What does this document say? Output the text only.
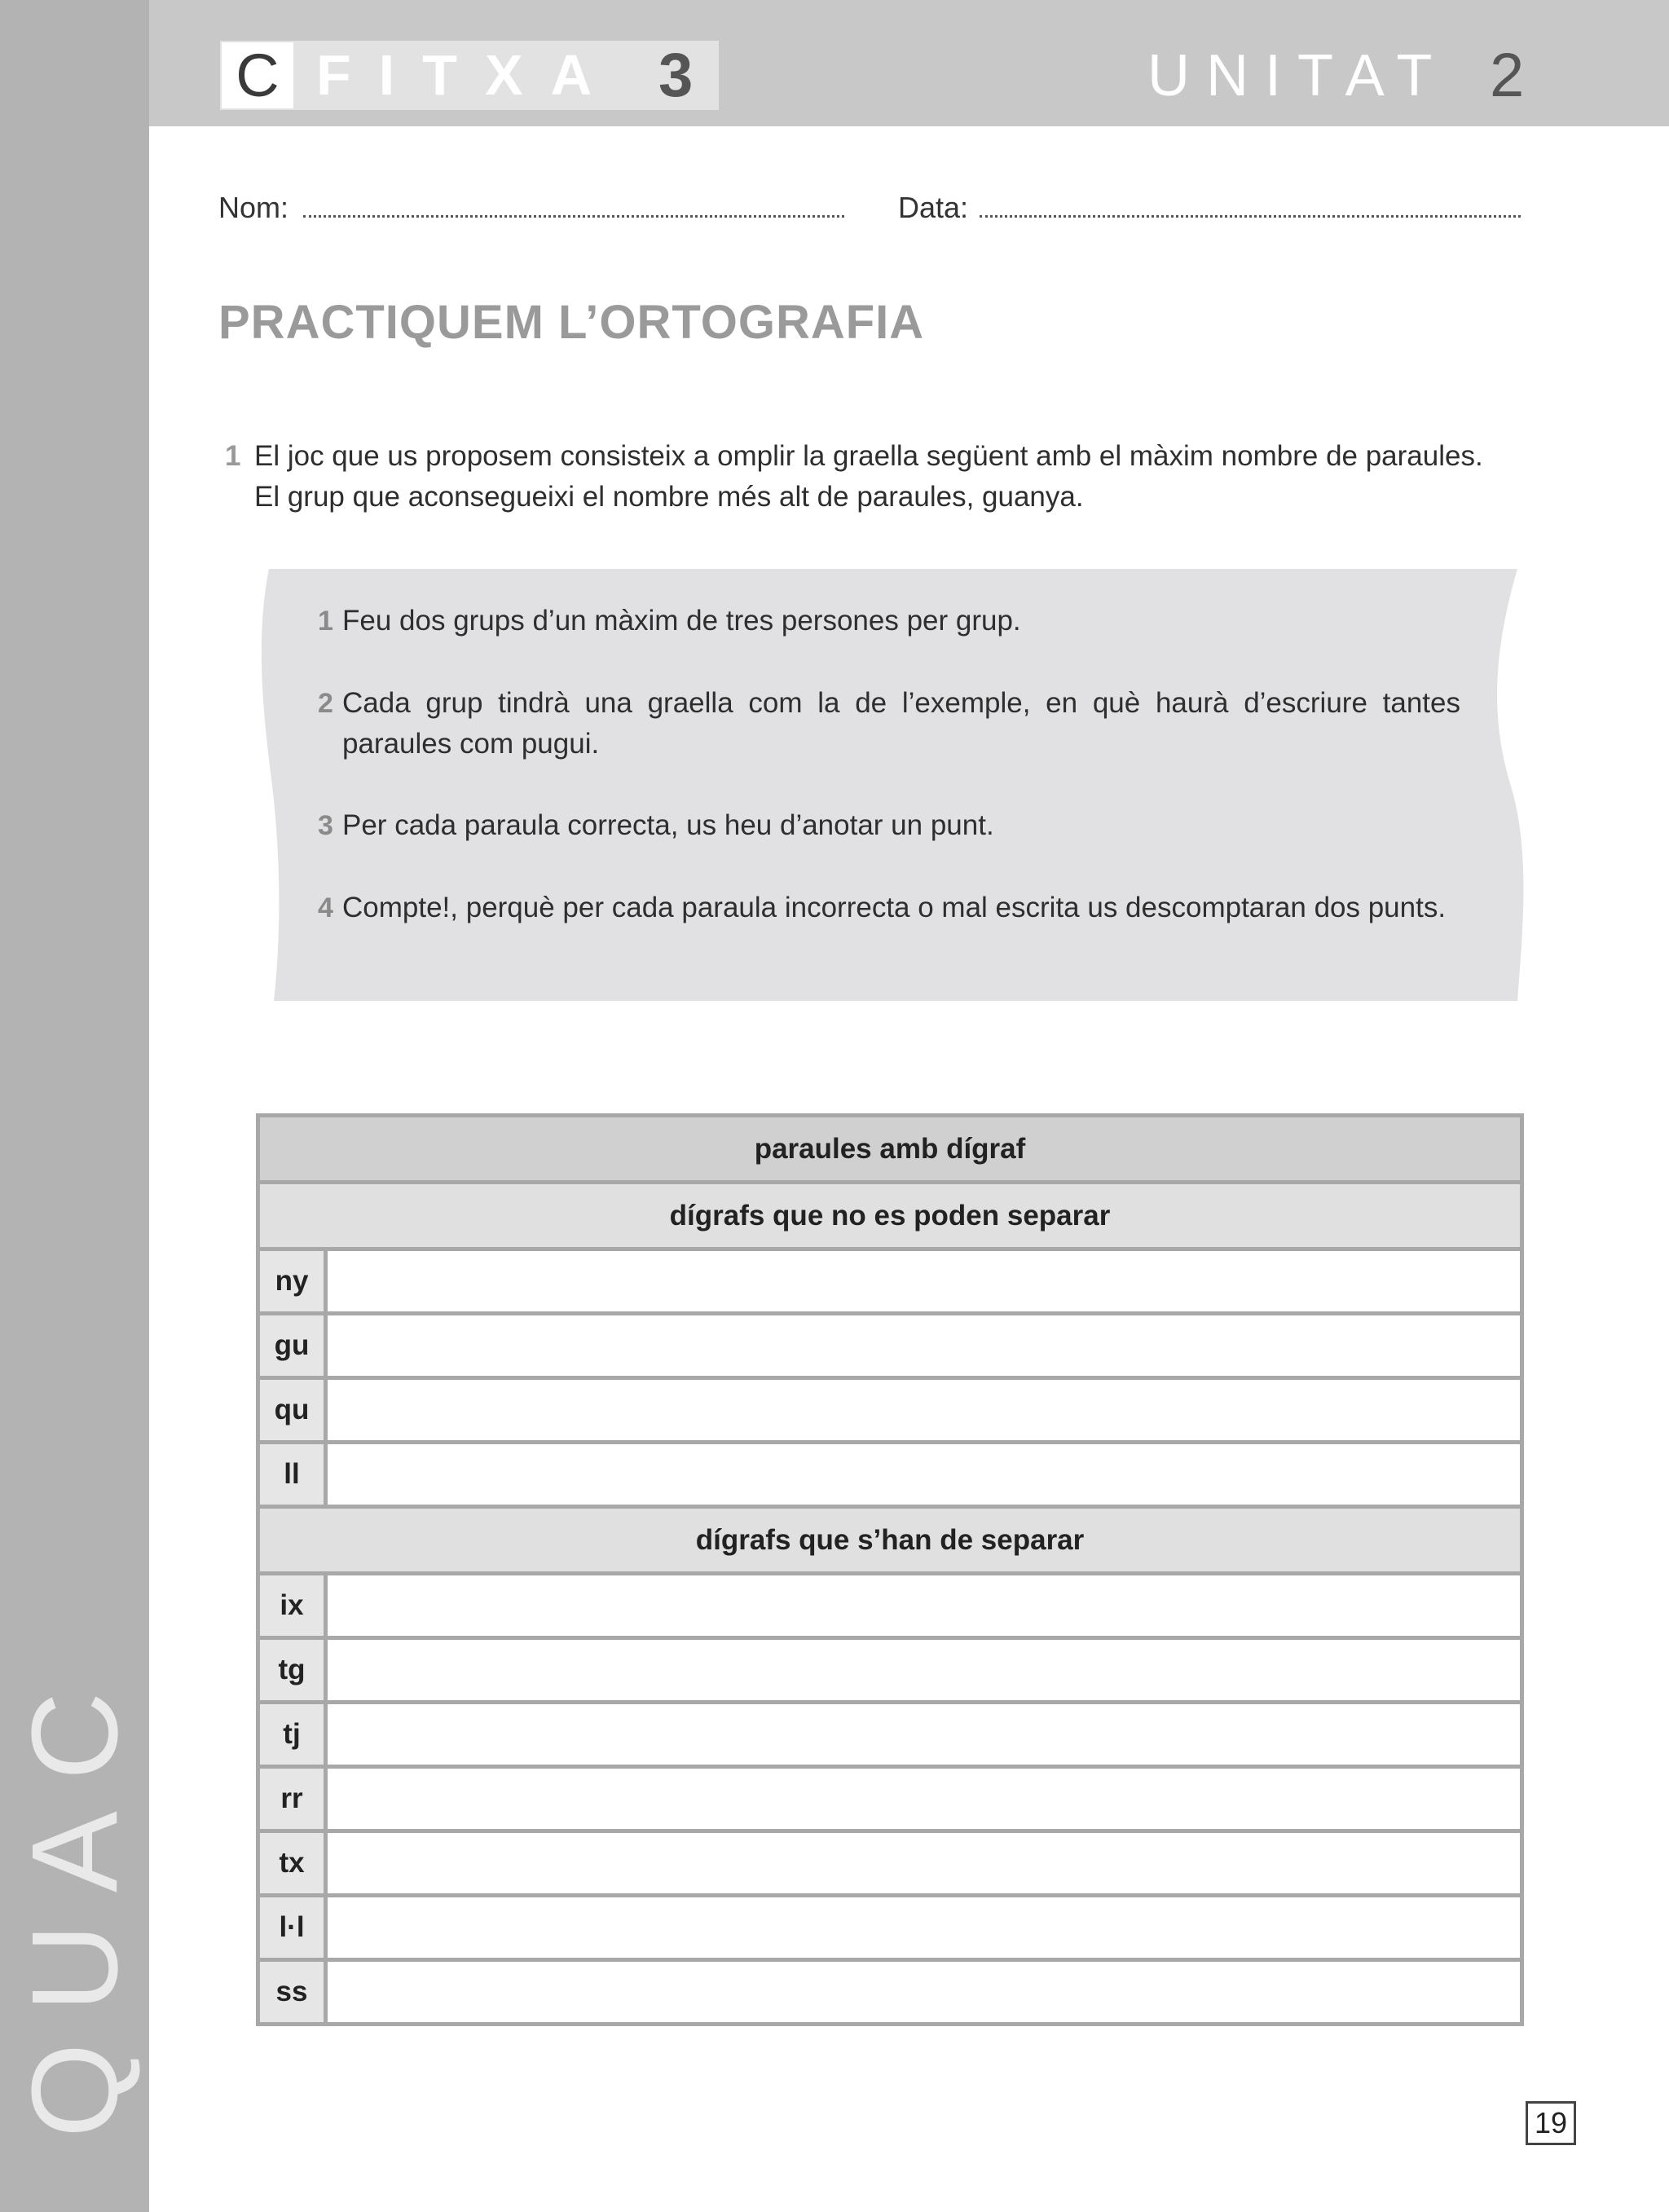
QUAC
C FITXA 3	UNITAT 2
Nom:	Data:
PRACTIQUEM L’ORTOGRAFIA
1 El joc que us proposem consisteix a omplir la graella següent amb el màxim nombre de paraules.
El grup que aconsegueixi el nombre més alt de paraules, guanya.
1 Feu dos grups d’un màxim de tres persones per grup.
2 Cada grup tindrà una graella com la de l’exemple, en què haurà d’escriure tantes paraules com pugui.
3 Per cada paraula correcta, us heu d’anotar un punt.
4 Compte!, perquè per cada paraula incorrecta o mal escrita us descomptaran dos punts.
paraules amb dígraf	
dígrafs que no es poden separar	
ny	
gu	
qu	
ll	
dígrafs que s’han de separar	
ix	
tg	
tj	
rr	
tx	
l·l	
ss	
19
